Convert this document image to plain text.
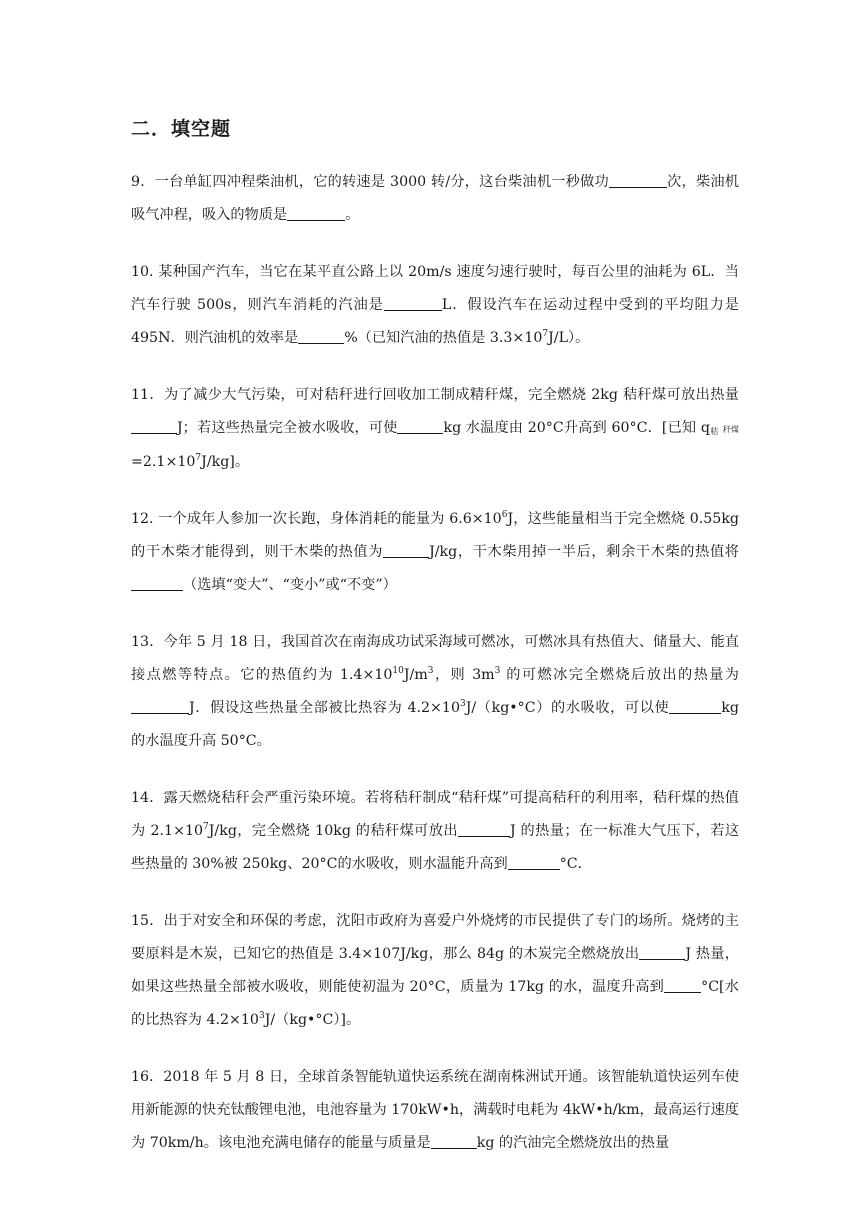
二．填空题

9．一台单缸四冲程柴油机，它的转速是 3000 转/分，这台柴油机一秒做功	次，柴油机吸气冲程，吸入的物质是	。

10. 某种国产汽车，当它在某平直公路上以 20m/s 速度匀速行驶时，每百公里的油耗为 6L．当汽车行驶 500s，则汽车消耗的汽油是	L．假设汽车在运动过程中受到的平均阻力是 495N．则汽油机的效率是	%（已知汽油的热值是 $3.3\times 10^7J/L$）。

11．为了减少大气污染，可对秸秆进行回收加工制成精秆煤，完全燃烧 2kg 秸秆煤可放出热量J；若这些热量完全被水吸收，可使	kg 水温度由 20°C升高到 60°C．[已知 $q_秸$ 秆煤$=2.1\times 10^7J/kg$]。

12. 一个成年人参加一次长跑，身体消耗的能量为 $6.6\times 10^6J$，这些能量相当于完全燃烧 0.55kg 的干木柴才能得到，则干木柴的热值为	J/kg，干木柴用掉一半后，剩余干木柴的热值将（选填“变大”、“变小”或“不变”）

13．今年 5 月 18 日，我国首次在南海成功试采海域可燃冰，可燃冰具有热值大、储量大、能直接点燃等特点。它的热值约为 $1.4\times 10^{10}J/m^3$，则 $3m^3$ 的可燃冰完全燃烧后放出的热量为J．假设这些热量全部被比热容为 $4.2\times 10^3J/(kg•^\circ C)$的水吸收，可以使	kg 的水温度升高 50°C。

14．露天燃烧秸秆会严重污染环境。若将秸秆制成“秸秆煤”可提高秸秆的利用率，秸秆煤的热值为 $2.1\times 10^7J/kg$，完全燃烧 10kg 的秸秆煤可放出	J 的热量；在一标准大气压下，若这些热量的 30%被 250kg、20°C的水吸收，则水温能升高到	°C．

15．出于对安全和环保的考虑，沈阳市政府为喜爱户外烧烤的市民提供了专门的场所。烧烤的主要原料是木炭，已知它的热值是 3.4×107J/kg，那么 84g 的木炭完全燃烧放出	J 热量，如果这些热量全部被水吸收，则能使初温为 20°C，质量为 17kg 的水，温度升高到	°C[水的比热容为 $4.2\times 10^3J/(kg•^\circ C)$]。

16．2018 年 5 月 8 日，全球首条智能轨道快运系统在湖南株洲试开通。该智能轨道快运列车使用新能源的快充钛酸锂电池，电池容量为 170kW•h，满载时电耗为 4kW•h/km，最高运行速度为 70km/h。该电池充满电储存的能量与质量是	kg 的汽油完全燃烧放出的热量
